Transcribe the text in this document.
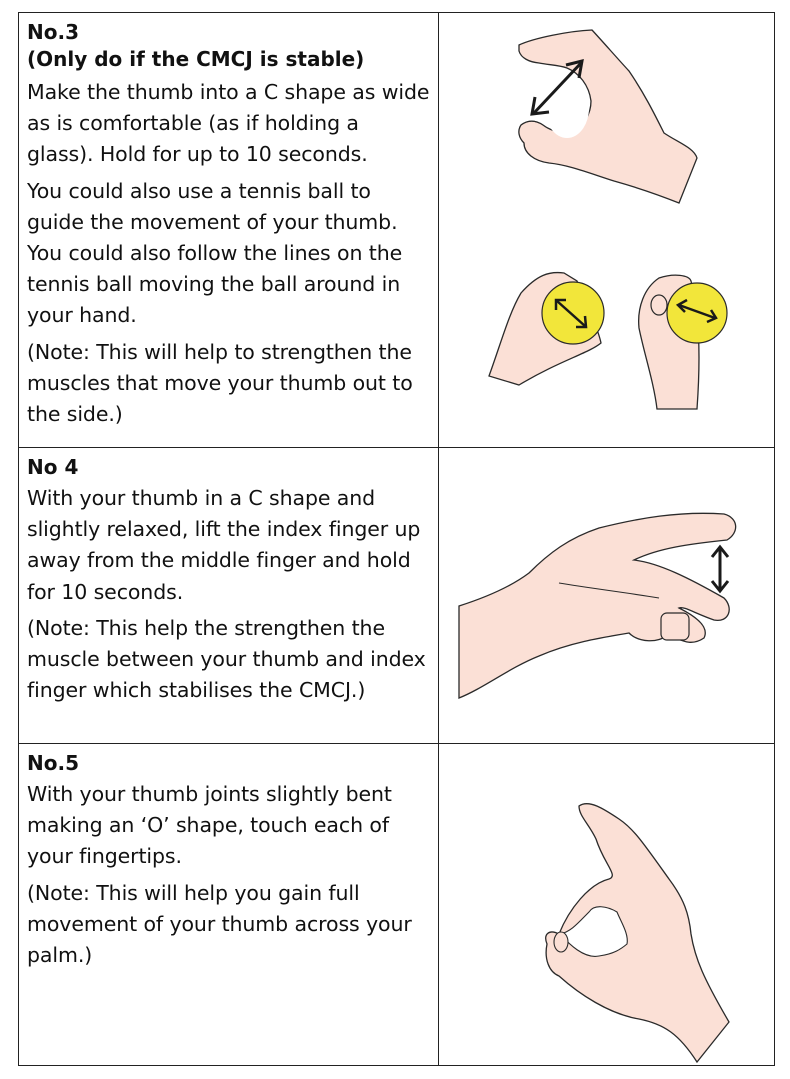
No.3

(Only do if the CMCJ is stable)

Make the thumb into a C shape as wide as is comfortable (as if holding a glass). Hold for up to 10 seconds.

You could also use a tennis ball to guide the movement of your thumb. You could also follow the lines on the tennis ball moving the ball around in your hand.

(Note: This will help to strengthen the muscles that move your thumb out to the side.)

No 4

With your thumb in a C shape and slightly relaxed, lift the index finger up away from the middle finger and hold for 10 seconds.

(Note: This help the strengthen the muscle between your thumb and index finger which stabilises the CMCJ.)

No.5

With your thumb joints slightly bent making an ‘O’ shape, touch each of your fingertips.

(Note: This will help you gain full movement of your thumb across your palm.)
